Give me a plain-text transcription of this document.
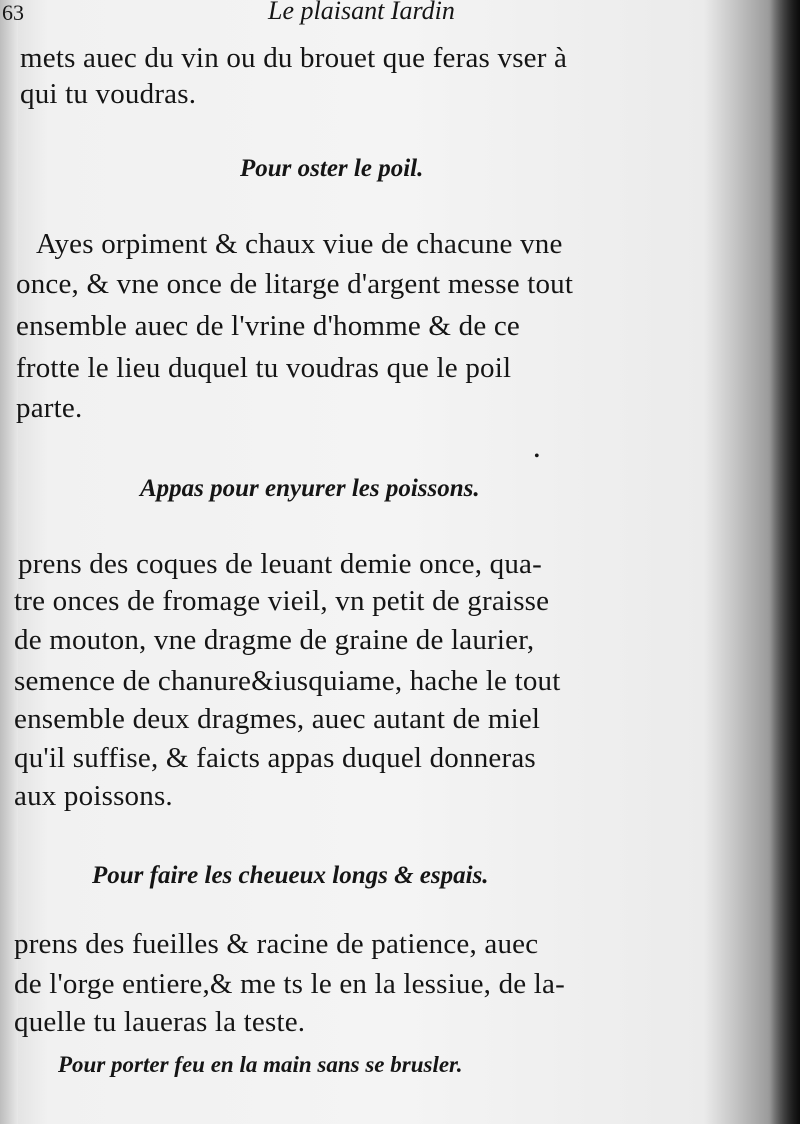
63	Le plaisant Iardin
mets auec du vin ou du brouet que feras vser à
qui tu voudras.
Pour oster le poil.
Ayes orpiment & chaux viue de chacune vne
once, & vne once de litarge d'argent messe tout
ensemble auec de l'vrine d'homme & de ce
frotte le lieu duquel tu voudras que le poil
parte.
•
Appas pour enyurer les poissons.
prens des coques de leuant demie once, qua-
tre onces de fromage vieil, vn petit de graisse
de mouton, vne dragme de graine de laurier,
semence de chanure&iusquiame, hache le tout
ensemble deux dragmes, auec autant de miel
qu'il suffise, & faicts appas duquel donneras
aux poissons.
Pour faire les cheueux longs & espais.
prens des fueilles & racine de patience, auec
de l'orge entiere,& me ts le en la lessiue, de la-
quelle tu laueras la teste.
Pour porter feu en la main sans se brusler.
